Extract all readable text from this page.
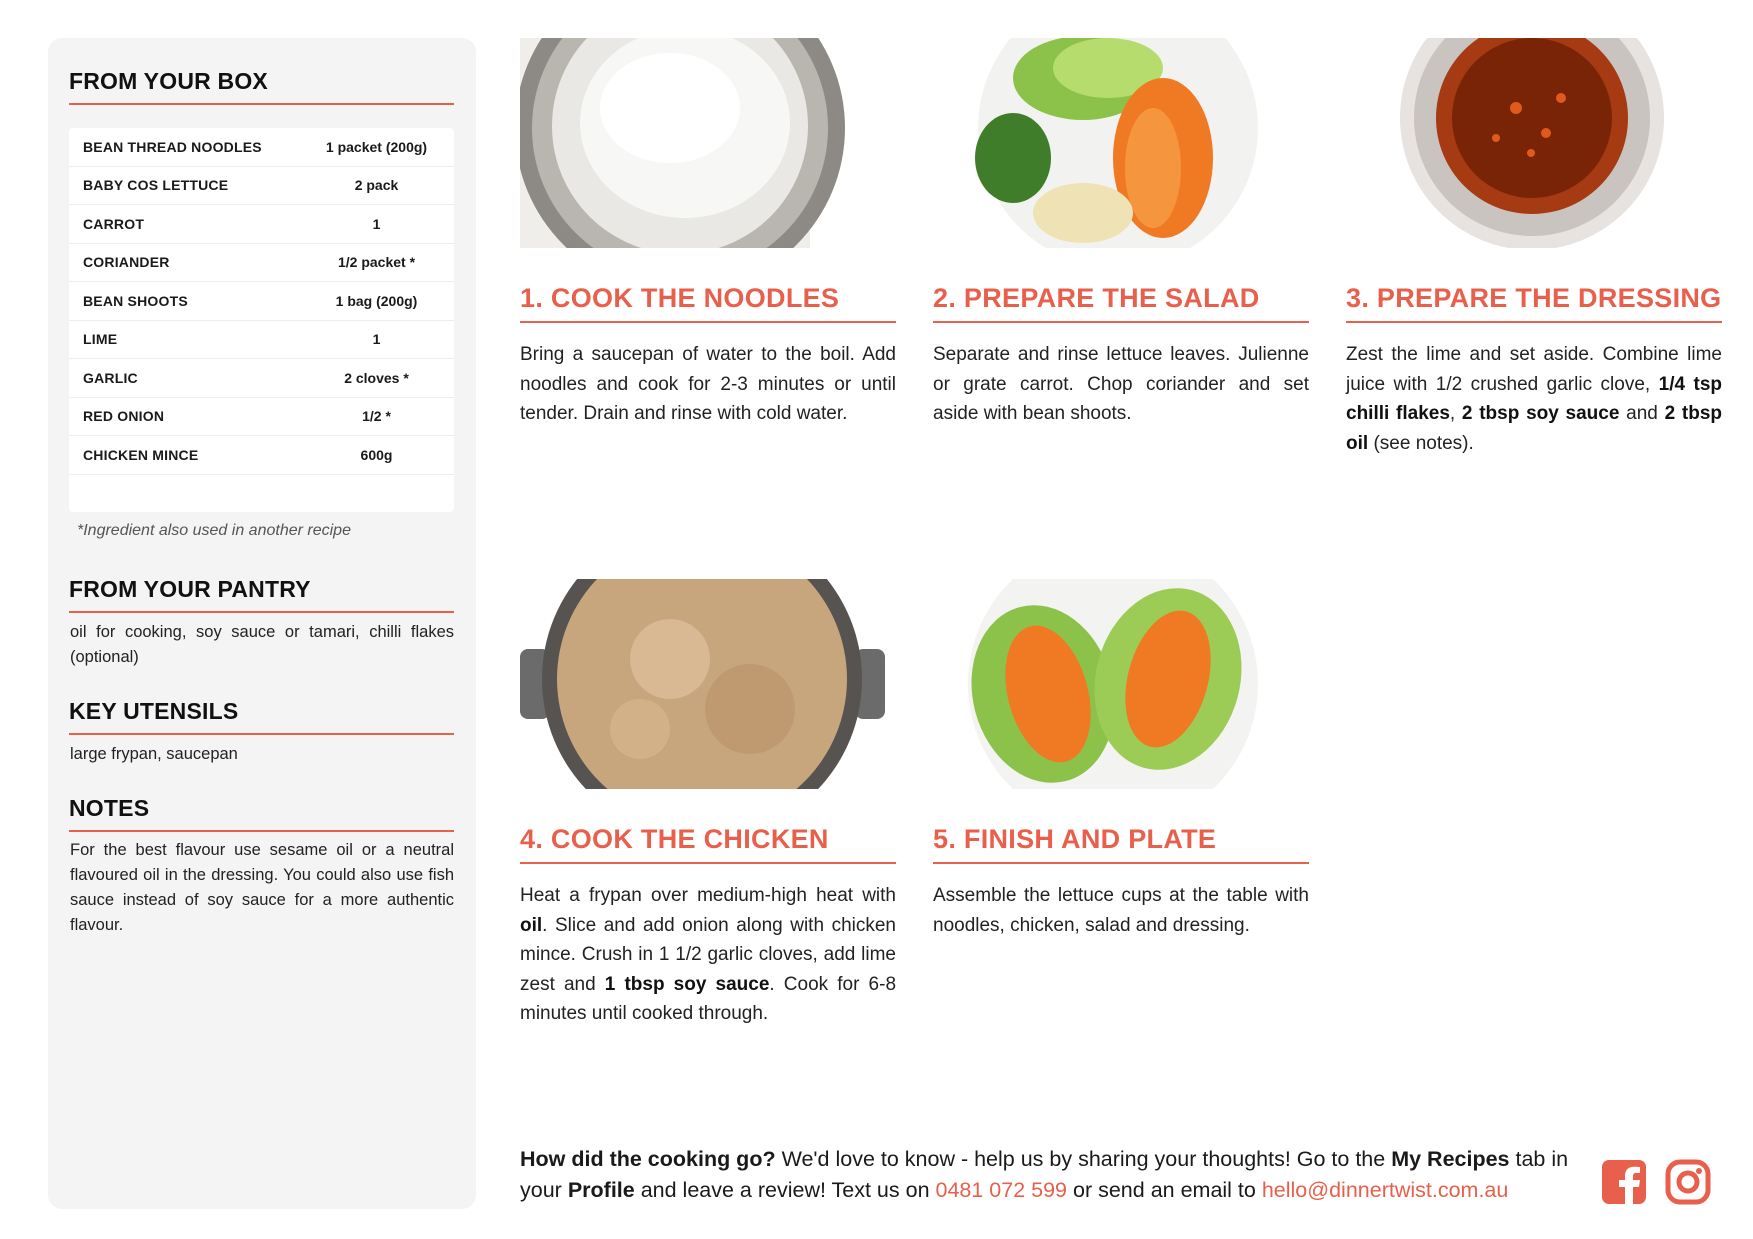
FROM YOUR BOX
BEAN THREAD NOODLES	1 packet (200g)
BABY COS LETTUCE	2 pack
CARROT	1
CORIANDER	1/2 packet *
BEAN SHOOTS	1 bag (200g)
LIME	1
GARLIC	2 cloves *
RED ONION	1/2 *
CHICKEN MINCE	600g
*Ingredient also used in another recipe
FROM YOUR PANTRY
oil for cooking, soy sauce or tamari, chilli flakes (optional)
KEY UTENSILS
large frypan, saucepan
NOTES
For the best flavour use sesame oil or a neutral flavoured oil in the dressing. You could also use fish sauce instead of soy sauce for a more authentic flavour.
1. COOK THE NOODLES
Bring a saucepan of water to the boil. Add noodles and cook for 2-3 minutes or until tender. Drain and rinse with cold water.
2. PREPARE THE SALAD
Separate and rinse lettuce leaves. Julienne or grate carrot. Chop coriander and set aside with bean shoots.
3. PREPARE THE DRESSING
Zest the lime and set aside. Combine lime juice with 1/2 crushed garlic clove, 1/4 tsp chilli flakes, 2 tbsp soy sauce and 2 tbsp oil (see notes).
4. COOK THE CHICKEN
Heat a frypan over medium-high heat with oil. Slice and add onion along with chicken mince. Crush in 1 1/2 garlic cloves, add lime zest and 1 tbsp soy sauce. Cook for 6-8 minutes until cooked through.
5. FINISH AND PLATE
Assemble the lettuce cups at the table with noodles, chicken, salad and dressing.
How did the cooking go? We'd love to know - help us by sharing your thoughts! Go to the My Recipes tab in your Profile and leave a review! Text us on 0481 072 599 or send an email to hello@dinnertwist.com.au
